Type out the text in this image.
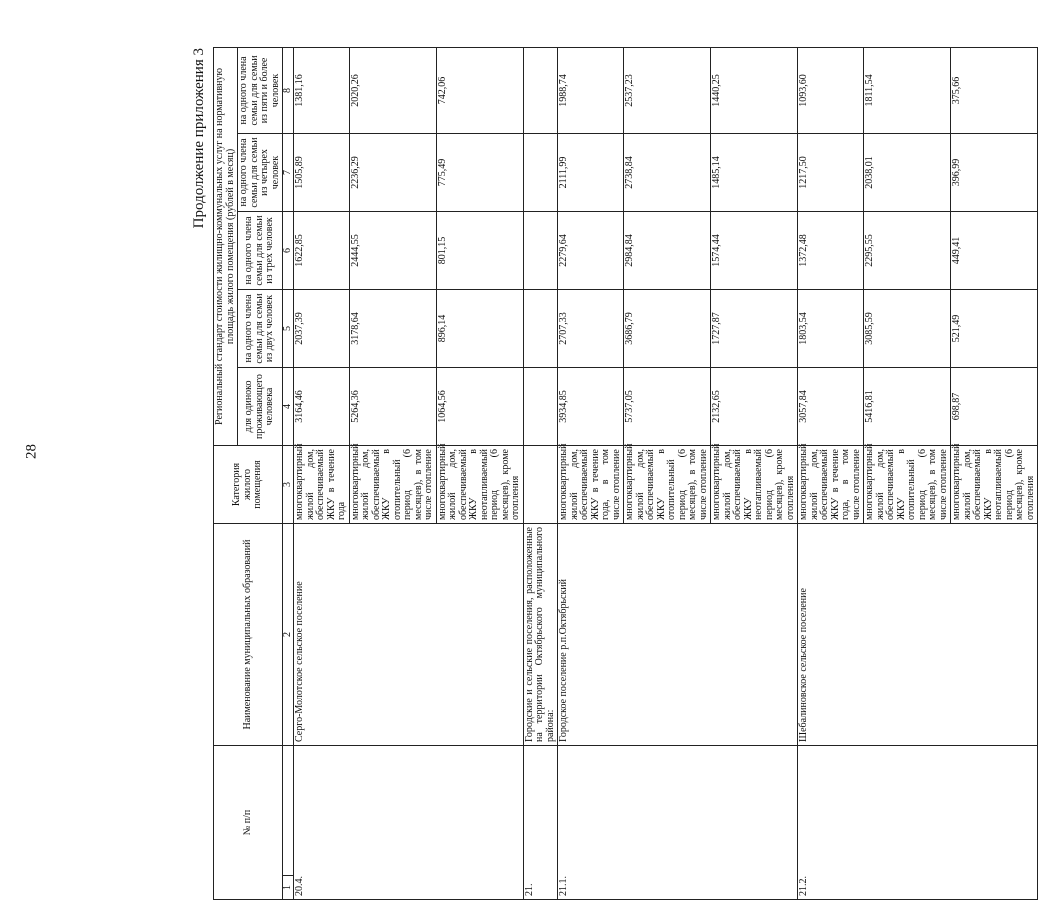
28
Продолжение приложения 3
№ п/п		Наименование муниципальных образований	Категория жилого помещения	Региональный стандарт стоимости жилищно-коммунальных услуг на нормативную площадь жилого помещения (рублей в месяц)				
				для одиноко проживающего человека	на одного члена семьи для семьи из двух человек	на одного члена семьи для семьи из трех человек	на одного члена семьи для семьи из четырех человек	на одного члена семьи для семьи из пяти и более человек
1		2	3	4	5	6	7	8
20.4.		Серго-Молотское сельское поселение	многоквартирный жилой дом, обеспечиваемый ЖКУ в течение года	3164,46	2037,39	1622,85	1505,89	1381,16
			многоквартирный жилой дом, обеспечиваемый ЖКУ в отопительный период (6 месяцев), в том числе отопление	5264,36	3178,64	2444,55	2236,29	2020,26
			многоквартирный жилой дом, обеспечиваемый ЖКУ в неотапливаемый период (6 месяцев), кроме отопления	1064,56	896,14	801,15	775,49	742,06
21.		Городские и сельские поселения, расположенные на территории Октябрьского муниципального района:						
21.1.		Городское поселение р.п.Октябрьский	многоквартирный жилой дом, обеспечиваемый ЖКУ в течение года, в том числе отопление	3934,85	2707,33	2279,64	2111,99	1988,74
			многоквартирный жилой дом, обеспечиваемый ЖКУ в отопительный период (6 месяцев), в том числе отопление	5737,05	3686,79	2984,84	2738,84	2537,23
			многоквартирный жилой дом, обеспечиваемый ЖКУ в неотапливаемый период (6 месяцев), кроме отопления	2132,65	1727,87	1574,44	1485,14	1440,25
21.2.		Шебалиновское сельское поселение	многоквартирный жилой дом, обеспечиваемый ЖКУ в течение года, в том числе отопление	3057,84	1803,54	1372,48	1217,50	1093,60
			многоквартирный жилой дом, обеспечиваемый ЖКУ в отопительный период (6 месяцев), в том числе отопление	5416,81	3085,59	2295,55	2038,01	1811,54
			многоквартирный жилой дом, обеспечиваемый ЖКУ в неотапливаемый период (6 месяцев), кроме отопления	698,87	521,49	449,41	396,99	375,66
